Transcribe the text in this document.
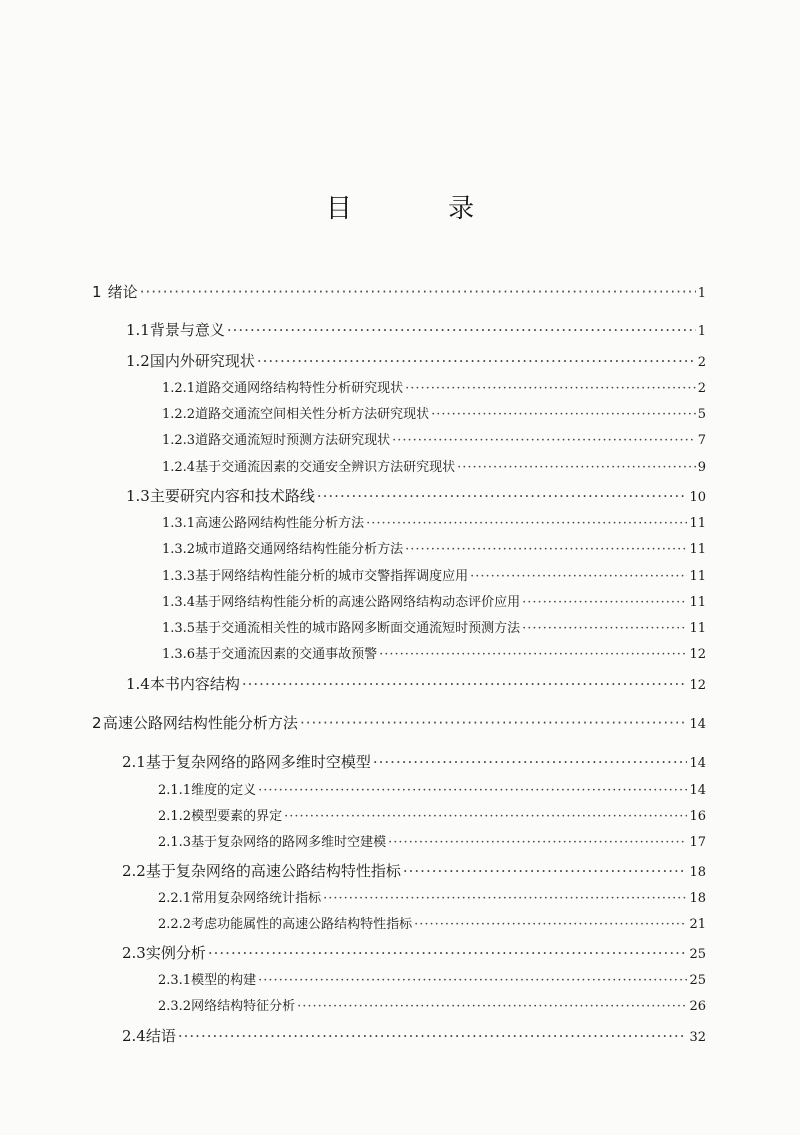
目 录
1 绪论 ·····	1
1.1 背景与意义 ·····	1
1.2 国内外研究现状 ·····	2
1.2.1 道路交通网络结构特性分析研究现状 ·····	2
1.2.2 道路交通流空间相关性分析方法研究现状 ·····	5
1.2.3 道路交通流短时预测方法研究现状 ·····	7
1.2.4 基于交通流因素的交通安全辨识方法研究现状 ·····	9
1.3 主要研究内容和技术路线 ·····	10
1.3.1 高速公路网结构性能分析方法 ·····	11
1.3.2 城市道路交通网络结构性能分析方法 ·····	11
1.3.3 基于网络结构性能分析的城市交警指挥调度应用 ·····	11
1.3.4 基于网络结构性能分析的高速公路网络结构动态评价应用 ·····	11
1.3.5 基于交通流相关性的城市路网多断面交通流短时预测方法 ·····	11
1.3.6 基于交通流因素的交通事故预警 ·····	12
1.4 本书内容结构 ·····	12
2 高速公路网结构性能分析方法 ·····	14
2.1 基于复杂网络的路网多维时空模型 ·····	14
2.1.1 维度的定义 ·····	14
2.1.2 模型要素的界定 ·····	16
2.1.3 基于复杂网络的路网多维时空建模 ·····	17
2.2 基于复杂网络的高速公路结构特性指标 ·····	18
2.2.1 常用复杂网络统计指标 ·····	18
2.2.2 考虑功能属性的高速公路结构特性指标 ·····	21
2.3 实例分析 ·····	25
2.3.1 模型的构建 ·····	25
2.3.2 网络结构特征分析 ·····	26
2.4 结语 ·····	32
